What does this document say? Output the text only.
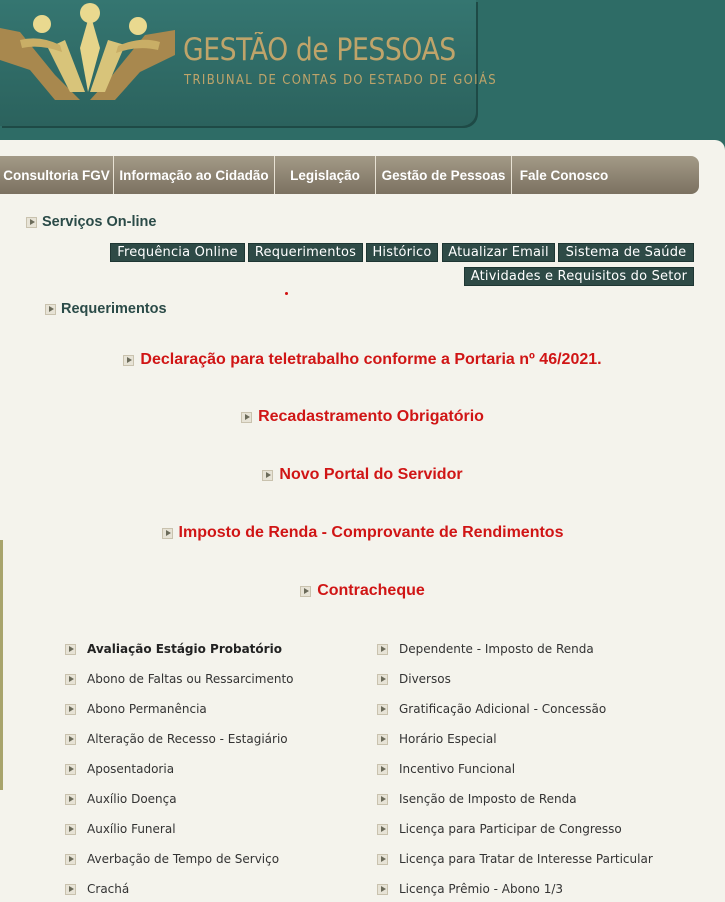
GESTÃO de PESSOAS
TRIBUNAL DE CONTAS DO ESTADO DE GOIÁS
Consultoria FGV Informação ao Cidadão	Legislação	Gestão de Pessoas	Fale Conosco
Serviços On-line
Frequência Online	Requerimentos	Histórico	Atualizar Email	Sistema de Saúde
Atividades e Requisitos do Setor
Requerimentos
Declaração para teletrabalho conforme a Portaria nº 46/2021.
Recadastramento Obrigatório
Novo Portal do Servidor
Imposto de Renda - Comprovante de Rendimentos
Contracheque
Avaliação Estágio Probatório
Abono de Faltas ou Ressarcimento
Abono Permanência
Alteração de Recesso - Estagiário
Aposentadoria
Auxílio Doença
Auxílio Funeral
Averbação de Tempo de Serviço
Crachá
Dependente - Imposto de Renda
Diversos
Gratificação Adicional - Concessão
Horário Especial
Incentivo Funcional
Isenção de Imposto de Renda
Licença para Participar de Congresso
Licença para Tratar de Interesse Particular
Licença Prêmio - Abono 1/3
